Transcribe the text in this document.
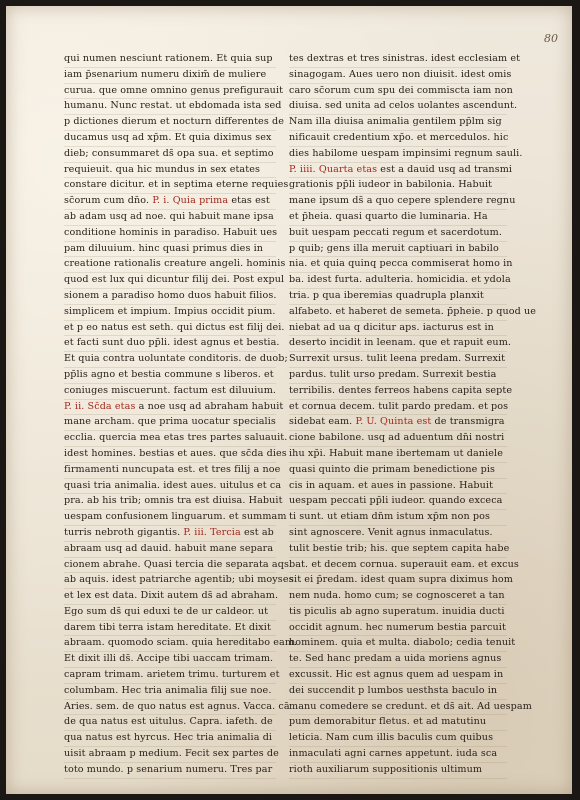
80
qui numen nesciunt rationem. Et quia sup
iam p̄senarium numeru dixim̄ de muliere
curua. que omne omnino genus prefigurauit
humanu. Nunc restat. ut ebdomada ista sed
p dictiones dierum et nocturn differentes de
ducamus usq ad xp̄m. Et quia diximus sex
dieb; consummaret ds̄ opa sua. et septimo
requieuit. qua hic mundus in sex etates
constare dicitur. et in septima eterne requies
sc̄orum cum dn̄o. P. i. Quia prima etas est
ab adam usq ad noe. qui habuit mane ipsa
conditione hominis in paradiso. Habuit ues
pam diluuium. hinc quasi primus dies in
creatione rationalis creature angeli. hominis
quod est lux qui dicuntur filij dei. Post expul
sionem a paradiso homo duos habuit filios.
simplicem et impium. Impius occidit pium.
et p eo natus est seth. qui dictus est filij dei.
et facti sunt duo pp̄li. idest agnus et bestia.
Et quia contra uoluntate conditoris. de duob;
pp̄lis agno et bestia commune s liberos. et
coniuges miscuerunt. factum est diluuium.
P. ii. Sc̄da etas a noe usq ad abraham habuit
mane archam. que prima uocatur specialis
ecclia. quercia mea etas tres partes saluauit.
idest homines. bestias et aues. que sc̄da dies
firmamenti nuncupata est. et tres filij a noe
quasi tria animalia. idest aues. uitulus et ca
pra. ab his trib; omnis tra est diuisa. Habuit
uespam confusionem linguarum. et summam
turris nebroth gigantis. P. iii. Tercia est ab
abraam usq ad dauid. habuit mane separa
cionem abrahe. Quasi tercia die separata aqs
ab aquis. idest patriarche agentib; ubi moyses
et lex est data. Dixit autem ds̄ ad abraham.
Ego sum ds̄ qui eduxi te de ur caldeor. ut
darem tibi terra istam hereditate. Et dixit
abraam. quomodo sciam. quia hereditabo eam.
Et dixit illi ds̄. Accipe tibi uaccam trimam.
capram trimam. arietem trimu. turturem et
columbam. Hec tria animalia filij sue noe.
Aries. sem. de quo natus est agnus. Vacca. cā
de qua natus est uitulus. Capra. iafeth. de
qua natus est hyrcus. Hec tria animalia di
uisit abraam p medium. Fecit sex partes de
toto mundo. p senarium numeru. Tres par
tes dextras et tres sinistras. idest ecclesiam et
sinagogam. Aues uero non diuisit. idest omis
caro sc̄orum cum spu dei commiscta iam non
diuisa. sed unita ad celos uolantes ascendunt.
Nam illa diuisa animalia gentilem pp̄lm sig
nificauit credentium xp̄o. et mercedulos. hic
dies habilome uespam impinsimi regnum sauli.
P. iiii. Quarta etas est a dauid usq ad transmi
grationis pp̄li iudeor in babilonia. Habuit
mane ipsum ds̄ a quo cepere splendere regnu
et p̄heia. quasi quarto die luminaria. Ha
buit uespam peccati regum et sacerdotum.
p quib; gens illa meruit captiuari in babilo
nia. et quia quinq pecca commiserat homo in
ba. idest furta. adulteria. homicidia. et ydola
tria. p qua iberemias quadrupla planxit
alfabeto. et haberet de semeta. p̄pheie. p quod ue
niebat ad ua q dicitur aps. iacturus est in
deserto incidit in leenam. que et rapuit eum.
Surrexit ursus. tulit leena predam. Surrexit
pardus. tulit urso predam. Surrexit bestia
terribilis. dentes ferreos habens capita septe
et cornua decem. tulit pardo predam. et pos
sidebat eam. P. U. Quinta est de transmigra
cione babilone. usq ad aduentum dn̄i nostri
ihu xp̄i. Habuit mane ibertemam ut daniele
quasi quinto die primam benedictione pis
cis in aquam. et aues in passione. Habuit
uespam peccati pp̄li iudeor. quando exceca
ti sunt. ut etiam dn̄m istum xp̄m non pos
sint agnoscere. Venit agnus inmaculatus.
tulit bestie trib; his. que septem capita habe
bat. et decem cornua. superauit eam. et excus
sit ei p̄redam. idest quam supra diximus hom
nem nuda. homo cum; se cognosceret a tan
tis piculis ab agno superatum. inuidia ducti
occidit agnum. hec numerum bestia parcuit
hominem. quia et multa. diabolo; cedia tenuit
te. Sed hanc predam a uida moriens agnus
excussit. Hic est agnus quem ad uespam in
dei succendit p lumbos uesthsta baculo in
manu comedere se credunt. et ds̄ ait. Ad uespam
pum demorabitur fletus. et ad matutinu
leticia. Nam cum illis baculis cum quibus
inmaculati agni carnes appetunt. iuda sca
rioth auxiliarum suppositionis ultimum
